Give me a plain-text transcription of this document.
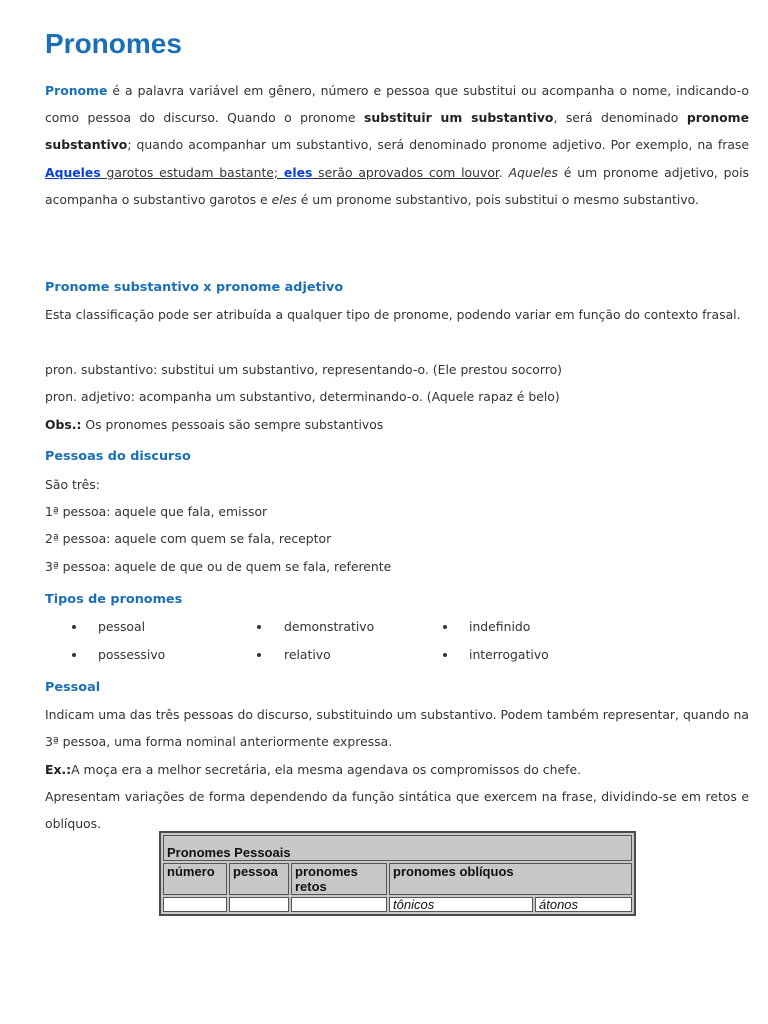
Pronomes

Pronome é a palavra variável em gênero, número e pessoa que substitui ou acompanha o nome, indicando-o como pessoa do discurso. Quando o pronome substituir um substantivo, será denominado pronome substantivo; quando acompanhar um substantivo, será denominado pronome adjetivo. Por exemplo, na frase Aqueles garotos estudam bastante; eles serão aprovados com louvor. Aqueles é um pronome adjetivo, pois acompanha o substantivo garotos e eles é um pronome substantivo, pois substitui o mesmo substantivo.

Pronome substantivo x pronome adjetivo

Esta classificação pode ser atribuída a qualquer tipo de pronome, podendo variar em função do contexto frasal.

pron. substantivo: substitui um substantivo, representando-o. (Ele prestou socorro)
pron. adjetivo: acompanha um substantivo, determinando-o. (Aquele rapaz é belo)
Obs.: Os pronomes pessoais são sempre substantivos
Pessoas do discurso
São três:
1ª pessoa: aquele que fala, emissor
2ª pessoa: aquele com quem se fala, receptor
3ª pessoa: aquele de que ou de quem se fala, referente
Tipos de pronomes
pessoal	demonstrativo	indefinido
possessivo	relativo	interrogativo
Pessoal

Indicam uma das três pessoas do discurso, substituindo um substantivo. Podem também representar, quando na 3ª pessoa, uma forma nominal anteriormente expressa.

Ex.:A moça era a melhor secretária, ela mesma agendava os compromissos do chefe.

Apresentam variações de forma dependendo da função sintática que exercem na frase, dividindo-se em retos e oblíquos.

Pronomes Pessoais				
número	pessoa	pronomes retos	pronomes oblíquos	
			tônicos	átonos
